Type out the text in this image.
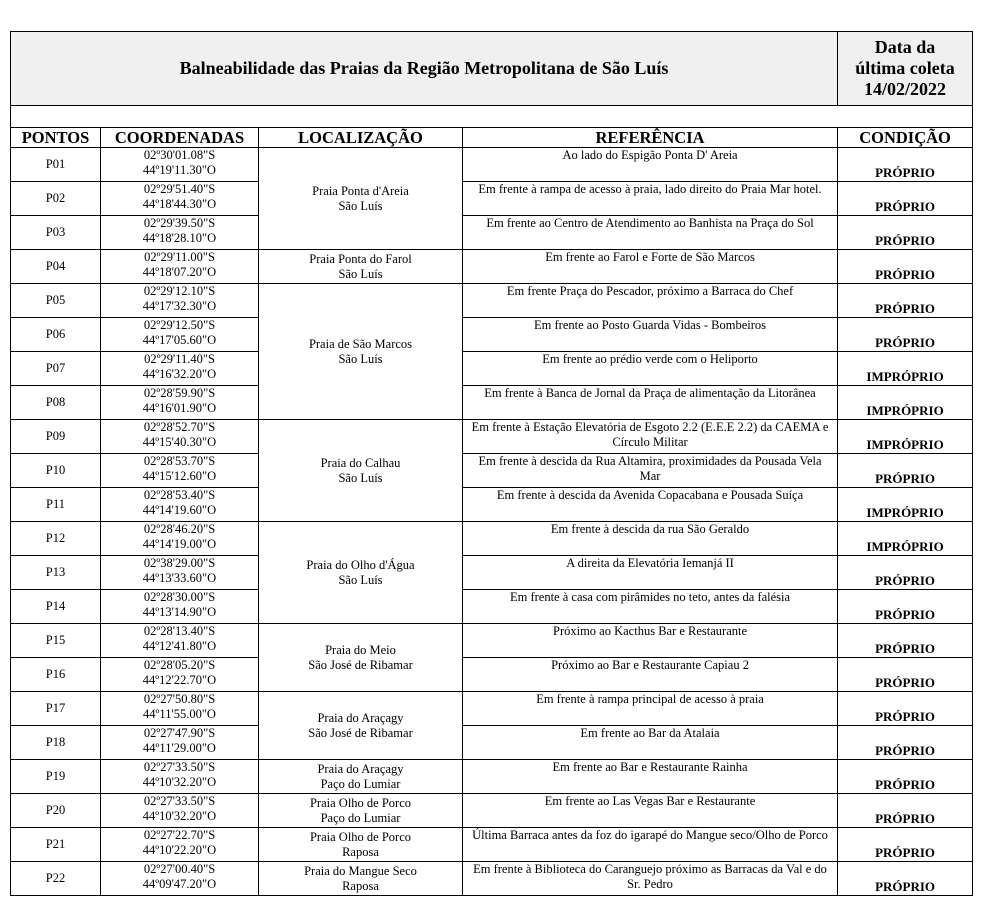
Balneabilidade das Praias da Região Metropolitana de São Luís				Data da
última coleta
14/02/2022

PONTOS	COORDENADAS	LOCALIZAÇÃO	REFERÊNCIA	CONDIÇÃO
P01	02º30'01.08"S
44º19'11.30"O	Praia Ponta d'Areia
São Luís	Ao lado do Espigão Ponta D' Areia	PRÓPRIO
P02	02º29'51.40"S
44º18'44.30"O		Em frente à rampa de acesso à praia, lado direito do Praia Mar hotel.	PRÓPRIO
P03	02º29'39.50"S
44º18'28.10"O		Em frente ao Centro de Atendimento ao Banhista na Praça do Sol	PRÓPRIO
P04	02º29'11.00"S
44º18'07.20"O	Praia Ponta do Farol
São Luís	Em frente ao Farol e Forte de São Marcos	PRÓPRIO
P05	02º29'12.10"S
44º17'32.30"O	Praia de São Marcos
São Luís	Em frente Praça do Pescador, próximo a Barraca do Chef	PRÓPRIO
P06	02º29'12.50"S
44º17'05.60"O		Em frente ao Posto Guarda Vidas - Bombeiros	PRÓPRIO
P07	02º29'11.40"S
44º16'32.20"O		Em frente ao prédio verde com o Heliporto	IMPRÓPRIO
P08	02º28'59.90"S
44º16'01.90"O		Em frente à Banca de Jornal da Praça de alimentação da Litorânea	IMPRÓPRIO
P09	02º28'52.70"S
44º15'40.30"O	Praia do Calhau
São Luís	Em frente à Estação Elevatória de Esgoto 2.2 (E.E.E 2.2) da CAEMA e Círculo Militar	IMPRÓPRIO
P10	02º28'53.70"S
44º15'12.60"O		Em frente à descida da Rua Altamira, proximidades da Pousada Vela Mar	PRÓPRIO
P11	02º28'53.40"S
44º14'19.60"O		Em frente à descida da Avenida Copacabana e Pousada Suíça	IMPRÓPRIO
P12	02º28'46.20"S
44º14'19.00"O	Praia do Olho d'Água
São Luís	Em frente à descida da rua São Geraldo	IMPRÓPRIO
P13	02º38'29.00"S
44º13'33.60"O		A direita da Elevatória Iemanjá II	PRÓPRIO
P14	02º28'30.00"S
44º13'14.90"O		Em frente à casa com pirâmides no teto, antes da falésia	PRÓPRIO
P15	02º28'13.40"S
44º12'41.80"O	Praia do Meio
São José de Ribamar	Próximo ao Kacthus Bar e Restaurante	PRÓPRIO
P16	02º28'05.20"S
44º12'22.70"O		Próximo ao Bar e Restaurante Capiau 2	PRÓPRIO
P17	02º27'50.80"S
44º11'55.00"O	Praia do Araçagy
São José de Ribamar	Em frente à rampa principal de acesso à praia	PRÓPRIO
P18	02º27'47.90"S
44º11'29.00"O		Em frente ao Bar da Atalaia	PRÓPRIO
P19	02º27'33.50"S
44º10'32.20"O	Praia do Araçagy
Paço do Lumiar	Em frente ao Bar e Restaurante Rainha	PRÓPRIO
P20	02º27'33.50"S
44º10'32.20"O	Praia Olho de Porco
Paço do Lumiar	Em frente ao Las Vegas Bar e Restaurante	PRÓPRIO
P21	02º27'22.70"S
44º10'22.20"O	Praia Olho de Porco
Raposa	Última Barraca antes da foz do igarapé do Mangue seco/Olho de Porco	PRÓPRIO
P22	02º27'00.40"S
44º09'47.20"O	Praia do Mangue Seco
Raposa	Em frente à Biblioteca do Caranguejo próximo as Barracas da Val e do Sr. Pedro	PRÓPRIO
